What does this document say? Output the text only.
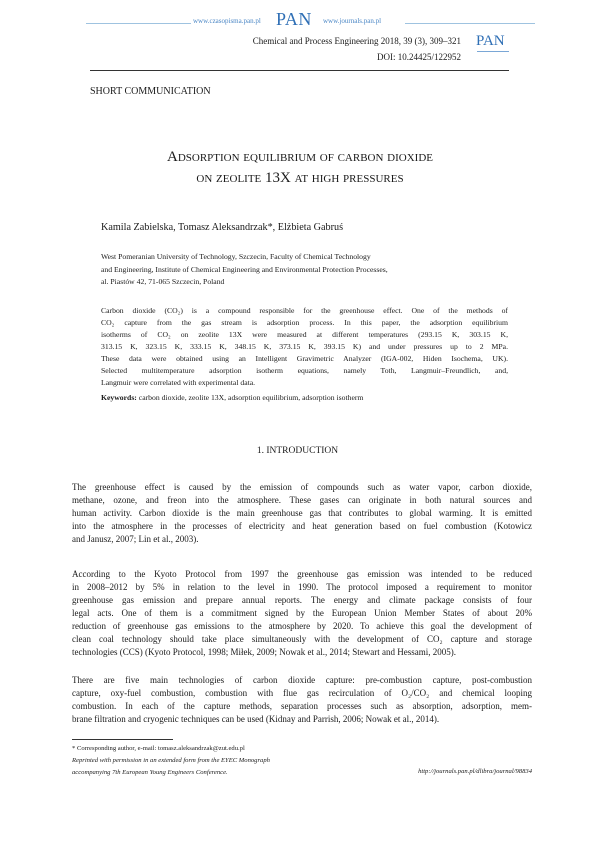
www.czasopisma.pan.pl PAN www.journals.pan.pl
PAN
Chemical and Process Engineering 2018, 39 (3), 309–321
DOI: 10.24425/122952
SHORT COMMUNICATION
Adsorption equilibrium of carbon dioxide
on zeolite 13X at high pressures
Kamila Zabielska, Tomasz Aleksandrzak*, Elżbieta Gabruś
West Pomeranian University of Technology, Szczecin, Faculty of Chemical Technology
and Engineering, Institute of Chemical Engineering and Environmental Protection Processes,
al. Piastów 42, 71-065 Szczecin, Poland
Carbon dioxide (CO₂) is a compound responsible for the greenhouse effect. One of the methods of
CO₂ capture from the gas stream is adsorption process. In this paper, the adsorption equilibrium
isotherms of CO₂ on zeolite 13X were measured at different temperatures (293.15 K, 303.15 K,
313.15 K, 323.15 K, 333.15 K, 348.15 K, 373.15 K, 393.15 K) and under pressures up to 2 MPa.
These data were obtained using an Intelligent Gravimetric Analyzer (IGA-002, Hiden Isochema, UK).
Selected multitemperature adsorption isotherm equations, namely Toth, Langmuir–Freundlich, and,
Langmuir were correlated with experimental data.
Keywords: carbon dioxide, zeolite 13X, adsorption equilibrium, adsorption isotherm
1. INTRODUCTION
The greenhouse effect is caused by the emission of compounds such as water vapor, carbon dioxide,
methane, ozone, and freon into the atmosphere. These gases can originate in both natural sources and
human activity. Carbon dioxide is the main greenhouse gas that contributes to global warming. It is emitted
into the atmosphere in the processes of electricity and heat generation based on fuel combustion (Kotowicz
and Janusz, 2007; Lin et al., 2003).
According to the Kyoto Protocol from 1997 the greenhouse gas emission was intended to be reduced
in 2008–2012 by 5% in relation to the level in 1990. The protocol imposed a requirement to monitor
greenhouse gas emission and prepare annual reports. The energy and climate package consists of four
legal acts. One of them is a commitment signed by the European Union Member States of about 20%
reduction of greenhouse gas emissions to the atmosphere by 2020. To achieve this goal the development of
clean coal technology should take place simultaneously with the development of CO₂ capture and storage
technologies (CCS) (Kyoto Protocol, 1998; Miłek, 2009; Nowak et al., 2014; Stewart and Hessami, 2005).
There are five main technologies of carbon dioxide capture: pre-combustion capture, post-combustion
capture, oxy-fuel combustion, combustion with flue gas recirculation of O₂/CO₂ and chemical looping
combustion. In each of the capture methods, separation processes such as absorption, adsorption, mem-
brane filtration and cryogenic techniques can be used (Kidnay and Parrish, 2006; Nowak et al., 2014).
* Corresponding author, e-mail: tomasz.aleksandrzak@zut.edu.pl
Reprinted with permission in an extended form from the EYEC Monograph
accompanying 7th European Young Engineers Conference.	http://journals.pan.pl/dlibra/journal/98834
